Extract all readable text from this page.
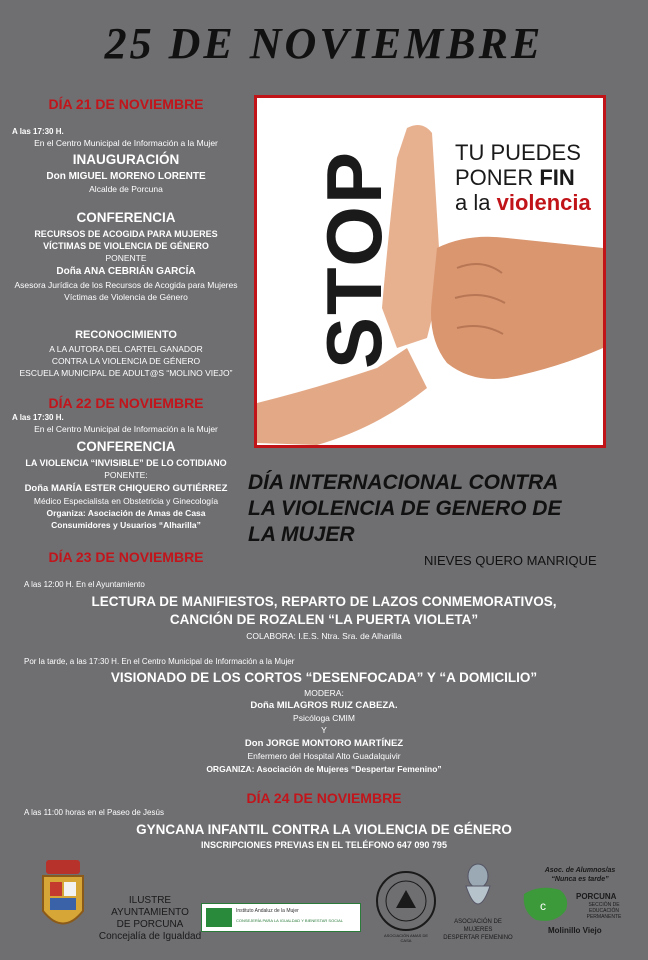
25 DE NOVIEMBRE
DÍA 21 DE NOVIEMBRE
A las 17:30 H.
En el Centro Municipal de Información a la Mujer
INAUGURACIÓN
Don MIGUEL MORENO LORENTE
Alcalde de Porcuna
CONFERENCIA
RECURSOS DE ACOGIDA PARA MUJERES
VÍCTIMAS DE VIOLENCIA DE GÉNERO
PONENTE
Doña ANA CEBRIÁN GARCÍA
Asesora Jurídica de los Recursos de Acogida para Mujeres
Víctimas de Violencia de Género
RECONOCIMIENTO
A LA AUTORA DEL CARTEL GANADOR
CONTRA LA VIOLENCIA DE GÉNERO
ESCUELA MUNICIPAL DE ADULT@S “MOLINO VIEJO”
DÍA 22 DE NOVIEMBRE
A las 17:30 H.
En el Centro Municipal de Información a la Mujer
CONFERENCIA
LA VIOLENCIA “INVISIBLE” DE LO COTIDIANO
PONENTE:
Doña MARÍA ESTER CHIQUERO GUTIÉRREZ
Médico Especialista en Obstetricia y Ginecología
Organiza: Asociación de Amas de Casa
Consumidores y Usuarios “Alharilla”
STOP	TU PUEDES
PONER FIN
a la violencia
DÍA INTERNACIONAL CONTRA
LA VIOLENCIA DE GENERO DE
LA MUJER
NIEVES QUERO MANRIQUE
DÍA 23 DE NOVIEMBRE
A las 12:00 H. En el Ayuntamiento
LECTURA DE MANIFIESTOS, REPARTO DE LAZOS CONMEMORATIVOS,
CANCIÓN DE ROZALEN “LA PUERTA VIOLETA”
COLABORA: I.E.S. Ntra. Sra. de Alharilla
Por la tarde, a las 17:30 H. En el Centro Municipal de Información a la Mujer
VISIONADO DE LOS CORTOS “DESENFOCADA” Y “A DOMICILIO”
MODERA:
Doña MILAGROS RUIZ CABEZA.
Psicóloga CMIM
Y
Don JORGE MONTORO MARTÍNEZ
Enfermero del Hospital Alto Guadalquivir
ORGANIZA: Asociación de Mujeres “Despertar Femenino”
DÍA 24 DE NOVIEMBRE
A las 11:00 horas en el Paseo de Jesús
GYNCANA INFANTIL CONTRA LA VIOLENCIA DE GÉNERO
INSCRIPCIONES PREVIAS EN EL TELÉFONO 647 090 795
ILUSTRE AYUNTAMIENTO
DE PORCUNA
Concejalía de Igualdad
Instituto Andaluz de la Mujer
CONSEJERÍA PARA LA IGUALDAD Y BIENESTAR SOCIAL
ASOCIACIÓN AMAS DE CASA
ASOCIACIÓN DE MUJERES
DESPERTAR FEMENINO
Asoc. de Alumnos/as
“Nunca es tarde”
c
PORCUNA
SECCIÓN DE EDUCACIÓN PERMANENTE
Molinillo Viejo
